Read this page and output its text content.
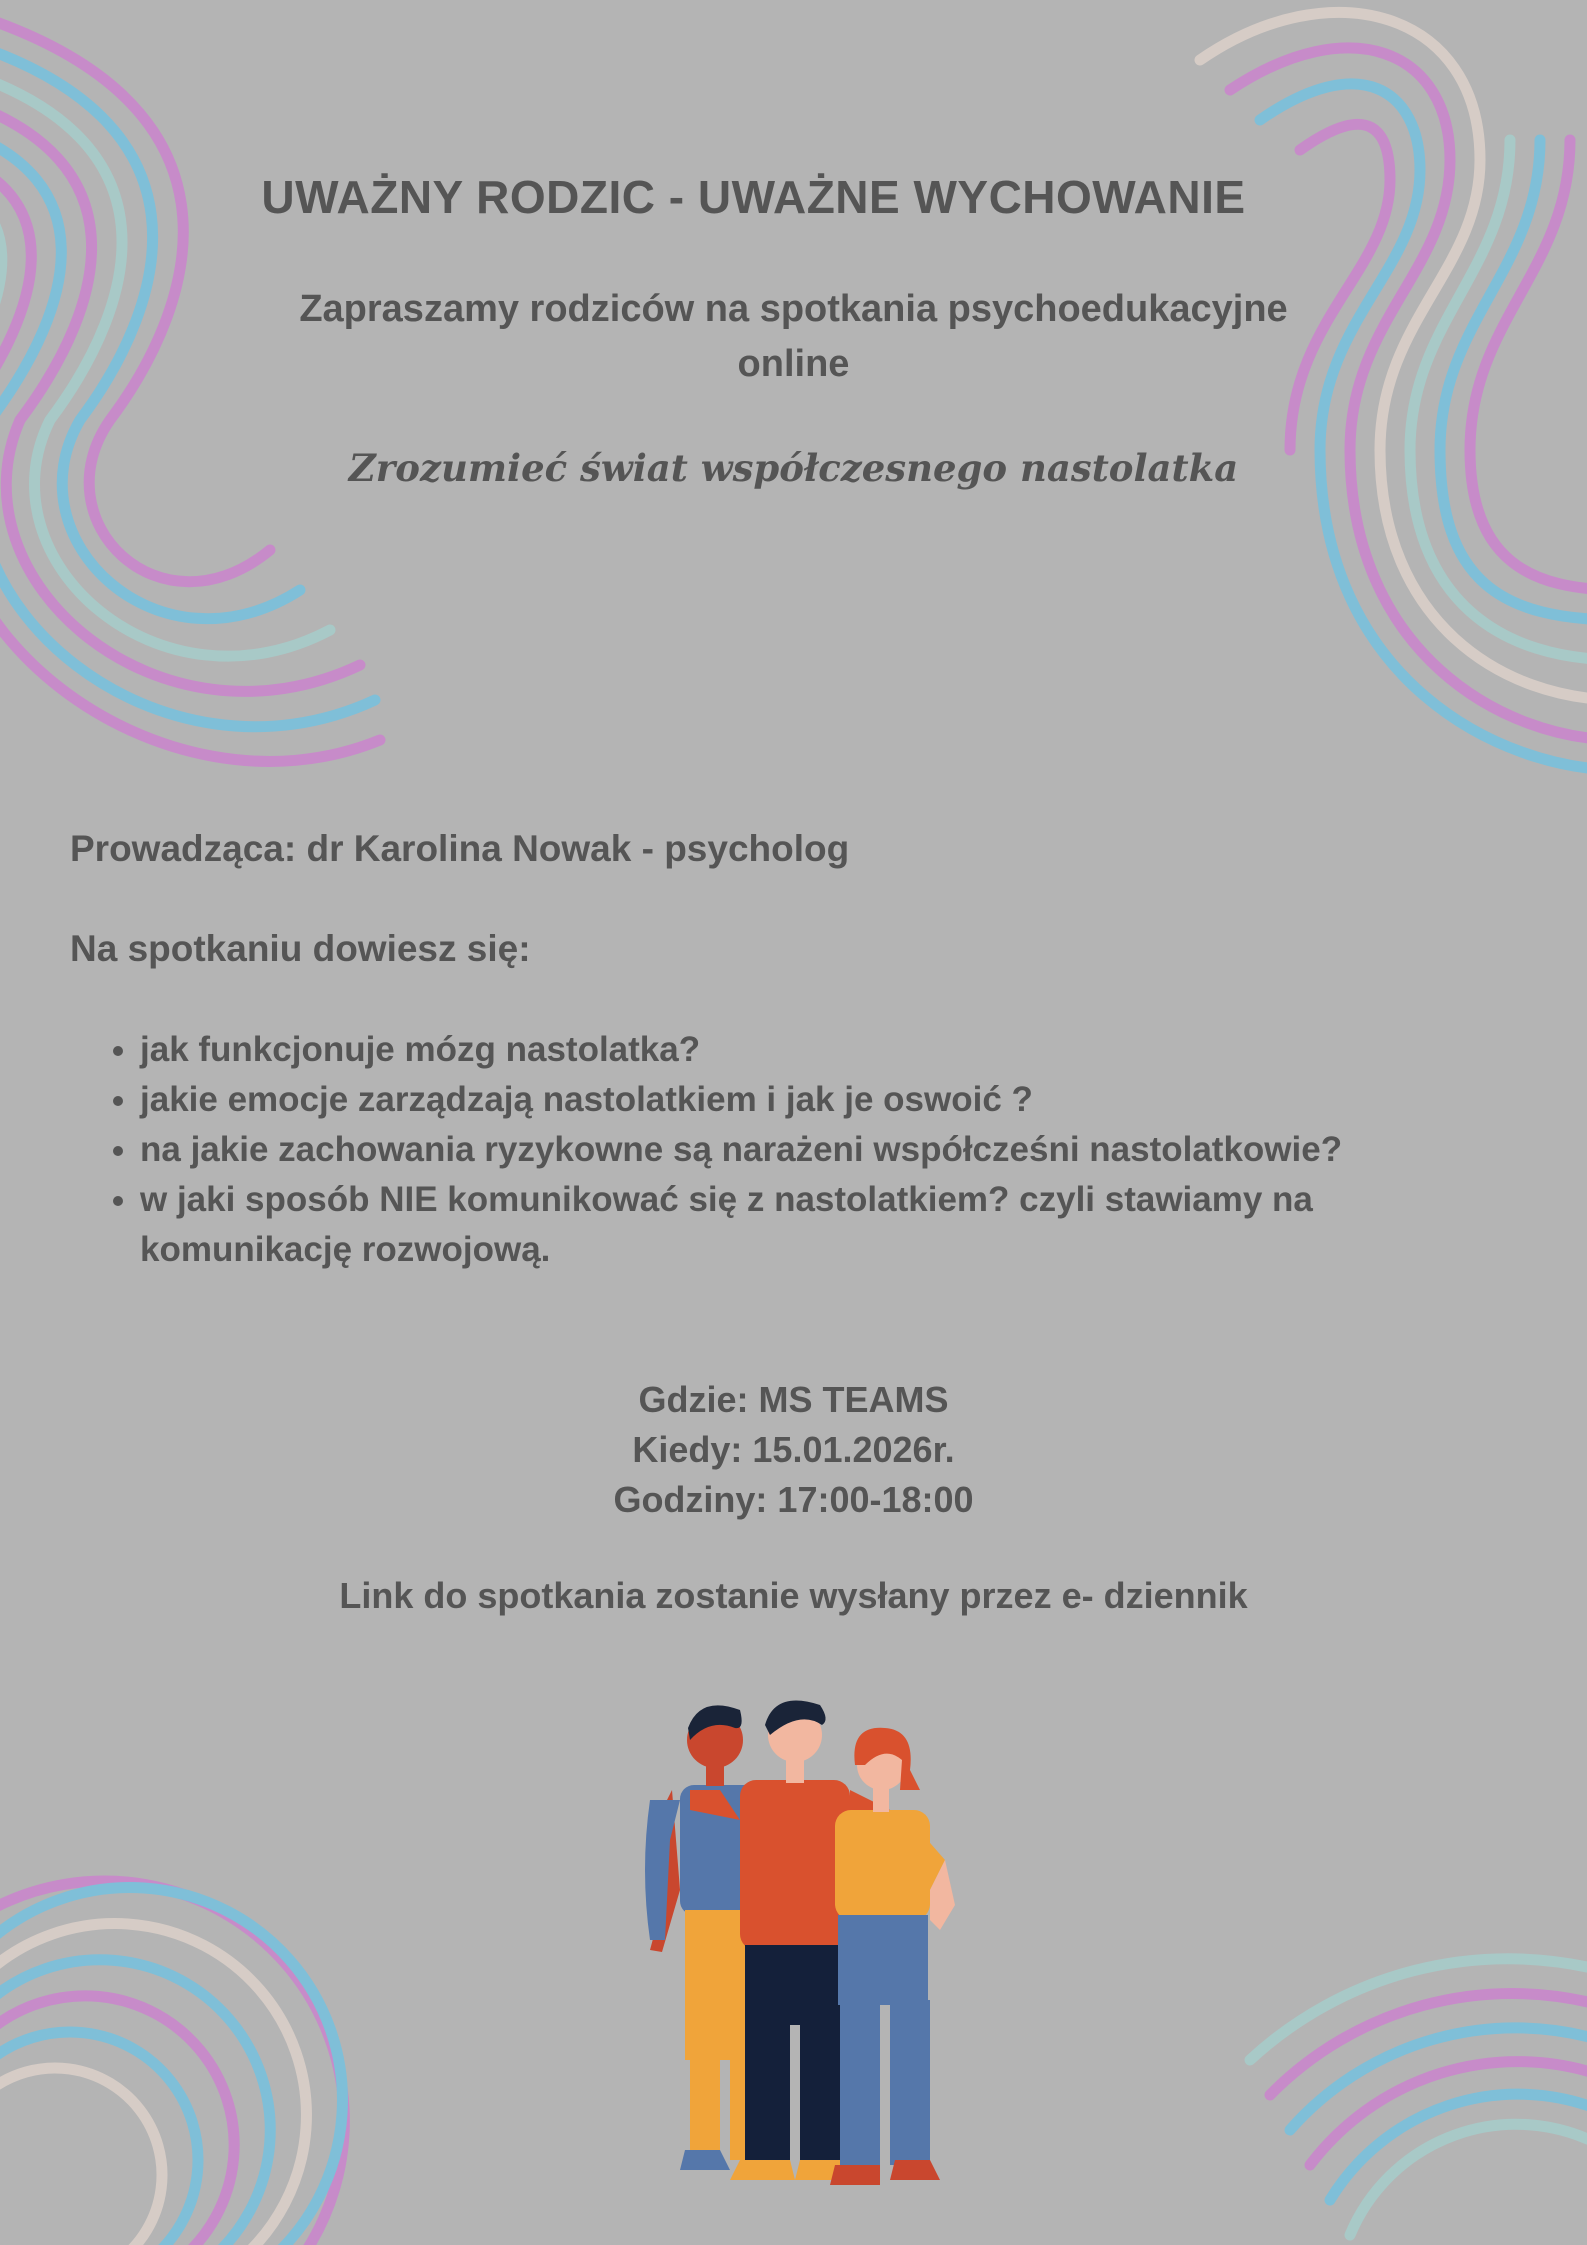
UWAŻNY RODZIC - UWAŻNE WYCHOWANIE
Zapraszamy rodziców na spotkania psychoedukacyjne
online

Zrozumieć świat współczesnego nastolatka

Prowadząca: dr Karolina Nowak - psycholog

Na spotkaniu dowiesz się:

• jak funkcjonuje mózg nastolatka?
• jakie emocje zarządzają nastolatkiem i jak je oswoić ?
• na jakie zachowania ryzykowne są narażeni współcześni nastolatkowie?
• w jaki sposób NIE komunikować się z nastolatkiem? czyli stawiamy na komunikację rozwojową.
Gdzie: MS TEAMS
Kiedy: 15.01.2026r.
Godziny: 17:00-18:00

Link do spotkania zostanie wysłany przez e- dziennik
